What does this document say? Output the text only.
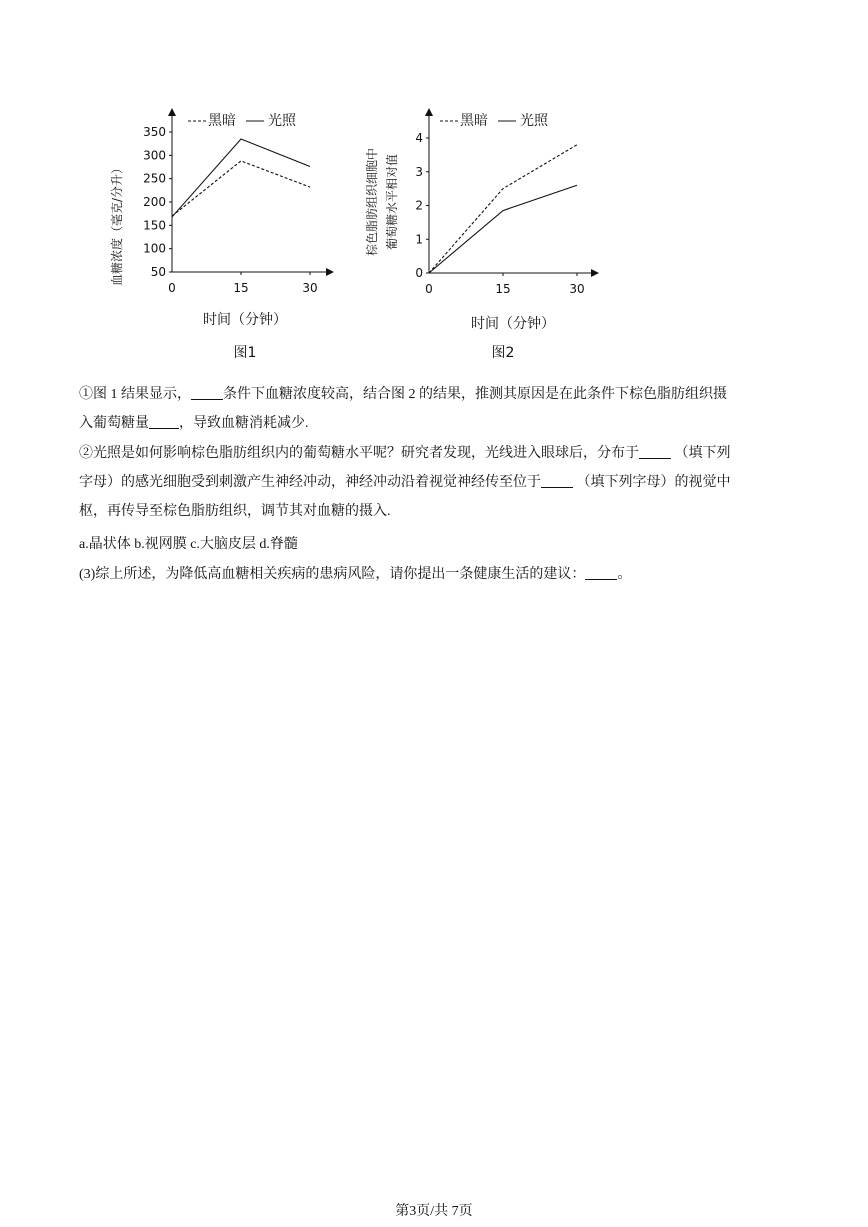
黑暗 光照
血糖浓度（毫克/分升） 50
100
150
200
250
300
350
0	15	30
时间（分钟）
图1
黑暗 光照
棕色脂肪组织细胞中 葡萄糖水平相对值
0
1
2
3
4
0	15	30
时间（分钟）
图2

①图 1 结果显示， 条件下血糖浓度较高，结合图 2 的结果，推测其原因是在此条件下棕色脂肪组织摄

入葡萄糖量 ，导致血糖消耗减少.

②光照是如何影响棕色脂肪组织内的葡萄糖水平呢？研究者发现，光线进入眼球后，分布于	（填下列

字母）的感光细胞受到刺激产生神经冲动，神经冲动沿着视觉神经传至位于	（填下列字母）的视觉中

枢，再传导至棕色脂肪组织，调节其对血糖的摄入.

a.晶状体 b.视网膜 c.大脑皮层 d.脊髓

(3)综上所述，为降低高血糖相关疾病的患病风险，请你提出一条健康生活的建议： 。

第3页/共 7页
